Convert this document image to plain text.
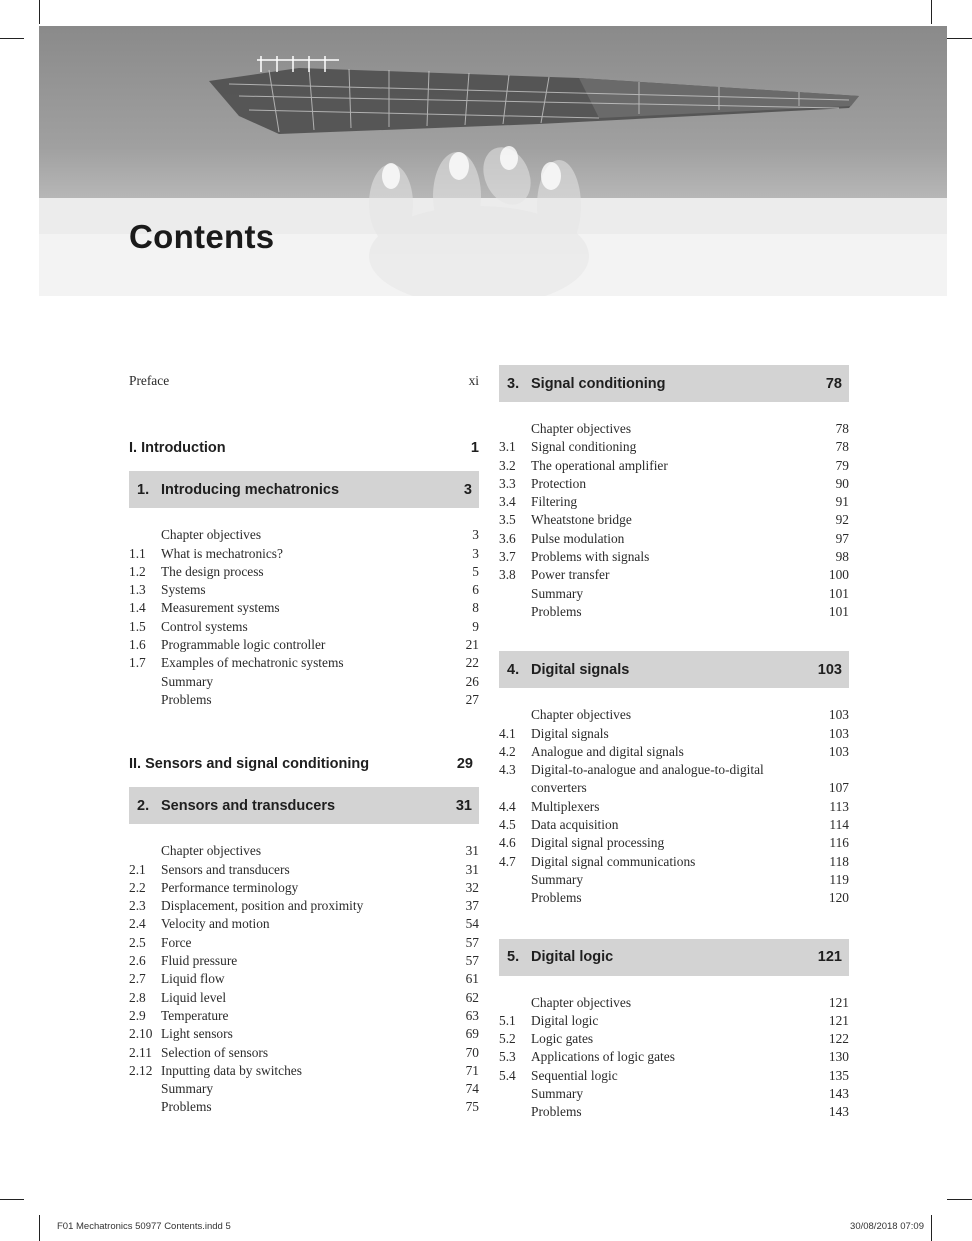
Contents
Preface	xi
I. Introduction	1
1. Introducing mechatronics	3
Chapter objectives	3
1.1	What is mechatronics?	3
1.2	The design process	5
1.3	Systems	6
1.4	Measurement systems	8
1.5	Control systems	9
1.6	Programmable logic controller	21
1.7	Examples of mechatronic systems	22
Summary	26
Problems	27
II. Sensors and signal conditioning	29
2. Sensors and transducers	31
Chapter objectives	31
2.1	Sensors and transducers	31
2.2	Performance terminology	32
2.3	Displacement, position and proximity	37
2.4	Velocity and motion	54
2.5	Force	57
2.6	Fluid pressure	57
2.7	Liquid flow	61
2.8	Liquid level	62
2.9	Temperature	63
2.10 Light sensors	69
2.11 Selection of sensors	70
2.12 Inputting data by switches	71
Summary	74
Problems	75
3. Signal conditioning	78
Chapter objectives	78
3.1	Signal conditioning	78
3.2	The operational amplifier	79
3.3	Protection	90
3.4	Filtering	91
3.5	Wheatstone bridge	92
3.6	Pulse modulation	97
3.7	Problems with signals	98
3.8	Power transfer	100
Summary	101
Problems	101
4. Digital signals	103
Chapter objectives	103
4.1	Digital signals	103
4.2	Analogue and digital signals	103
4.3	Digital-to-analogue and analogue-to-digital
converters	107
4.4	Multiplexers	113
4.5	Data acquisition	114
4.6	Digital signal processing	116
4.7	Digital signal communications	118
Summary	119
Problems	120
5. Digital logic	121
Chapter objectives	121
5.1	Digital logic	121
5.2	Logic gates	122
5.3	Applications of logic gates	130
5.4	Sequential logic	135
Summary	143
Problems	143
F01 Mechatronics 50977 Contents.indd 5	30/08/2018 07:09
